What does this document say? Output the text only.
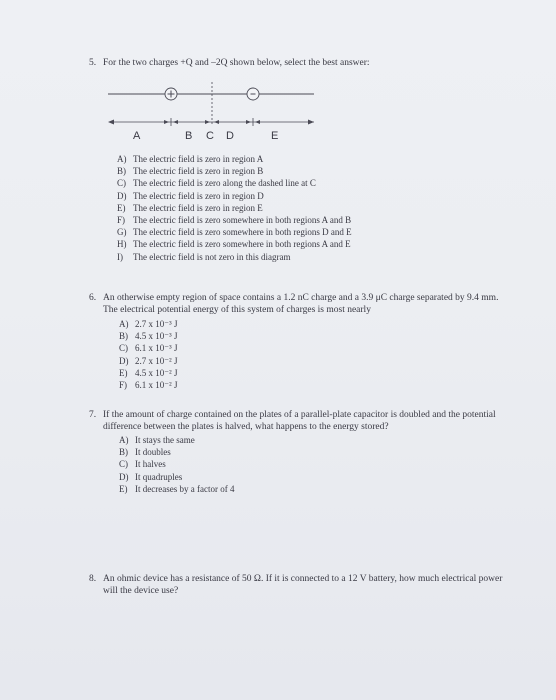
5. For the two charges +Q and –2Q shown below, select the best answer:
A) The electric field is zero in region A
B) The electric field is zero in region B
C) The electric field is zero along the dashed line at C
D) The electric field is zero in region D
E) The electric field is zero in region E
F) The electric field is zero somewhere in both regions A and B
G) The electric field is zero somewhere in both regions D and E
H) The electric field is zero somewhere in both regions A and E
I)	The electric field is not zero in this diagram
A	B C D	E
6. An otherwise empty region of space contains a 1.2 nC charge and a 3.9 μC charge separated by 9.4 mm. The electrical potential energy of this system of charges is most nearly
A) 2.7 x 10⁻³ J
B) 4.5 x 10⁻³ J
C) 6.1 x 10⁻³ J
D) 2.7 x 10⁻² J
E) 4.5 x 10⁻² J
F) 6.1 x 10⁻² J
7. If the amount of charge contained on the plates of a parallel-plate capacitor is doubled and the potential difference between the plates is halved, what happens to the energy stored?
A) It stays the same
B) It doubles
C) It halves
D) It quadruples
E) It decreases by a factor of 4
8. An ohmic device has a resistance of 50 Ω. If it is connected to a 12 V battery, how much electrical power will the device use?
